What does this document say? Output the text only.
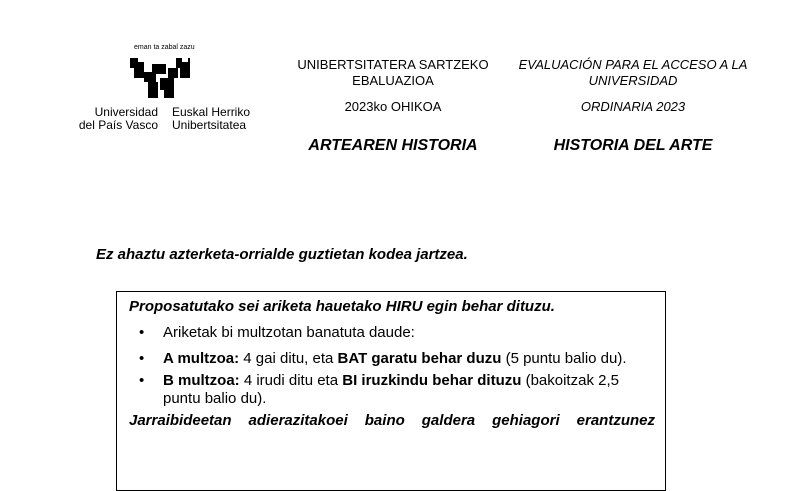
eman ta zabal zazu
Universidad
del País Vasco
Euskal Herriko
Unibertsitatea
UNIBERTSITATERA SARTZEKO
EBALUAZIOA
2023ko OHIKOA
EVALUACIÓN PARA EL ACCESO A LA
UNIVERSIDAD
ORDINARIA 2023
ARTEAREN HISTORIA	HISTORIA DEL ARTE
Ez ahaztu azterketa-orrialde guztietan kodea jartzea.
Proposatutako sei ariketa hauetako HIRU egin behar dituzu.
• Ariketak bi multzotan banatuta daude:
• A multzoa: 4 gai ditu, eta BAT garatu behar duzu (5 puntu balio du).
• B multzoa: 4 irudi ditu eta BI iruzkindu behar dituzu (bakoitzak 2,5 puntu balio du).
Jarraibideetan adierazitakoei baino galdera gehiagori erantzunez
